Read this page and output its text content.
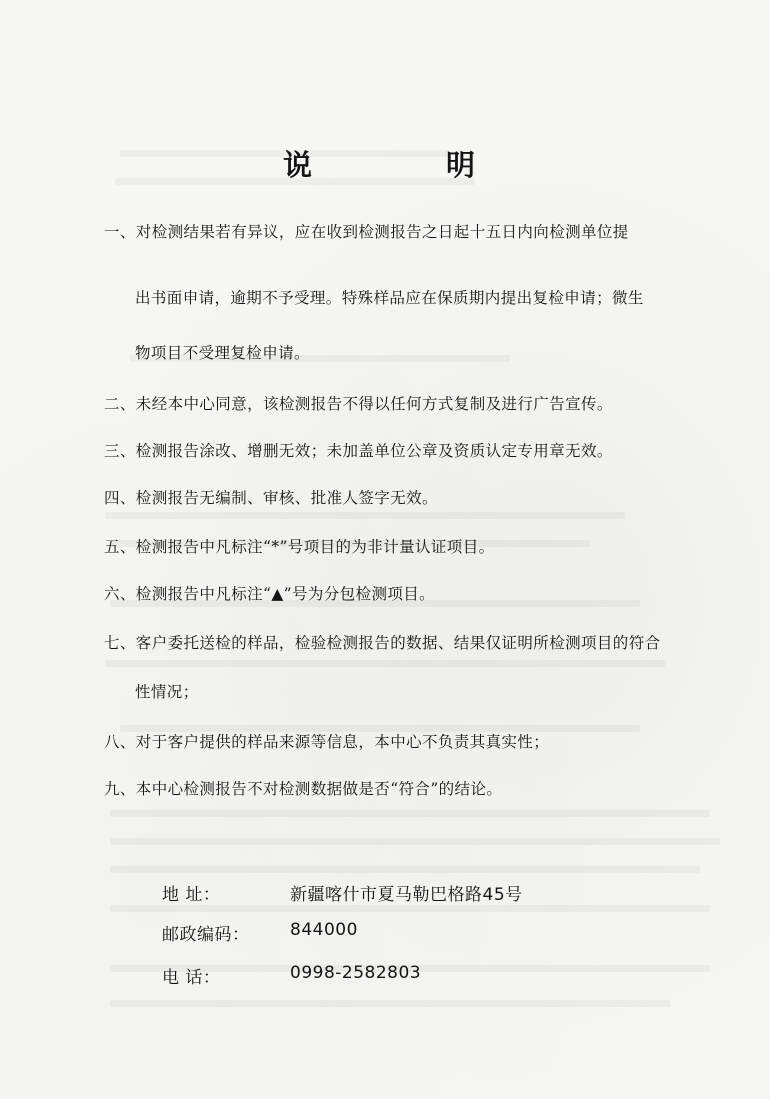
说 明
一、对检测结果若有异议，应在收到检测报告之日起十五日内向检测单位提
出书面申请，逾期不予受理。特殊样品应在保质期内提出复检申请；微生
物项目不受理复检申请。
二、未经本中心同意，该检测报告不得以任何方式复制及进行广告宣传。
三、检测报告涂改、增删无效；未加盖单位公章及资质认定专用章无效。
四、检测报告无编制、审核、批准人签字无效。
五、检测报告中凡标注“*”号项目的为非计量认证项目。
六、检测报告中凡标注“▲”号为分包检测项目。
七、客户委托送检的样品，检验检测报告的数据、结果仅证明所检测项目的符合
性情况；
八、对于客户提供的样品来源等信息，本中心不负责其真实性；
九、本中心检测报告不对检测数据做是否“符合”的结论。
地 址：	新疆喀什市夏马勒巴格路45号
邮政编码： 844000
电 话：	0998-2582803
